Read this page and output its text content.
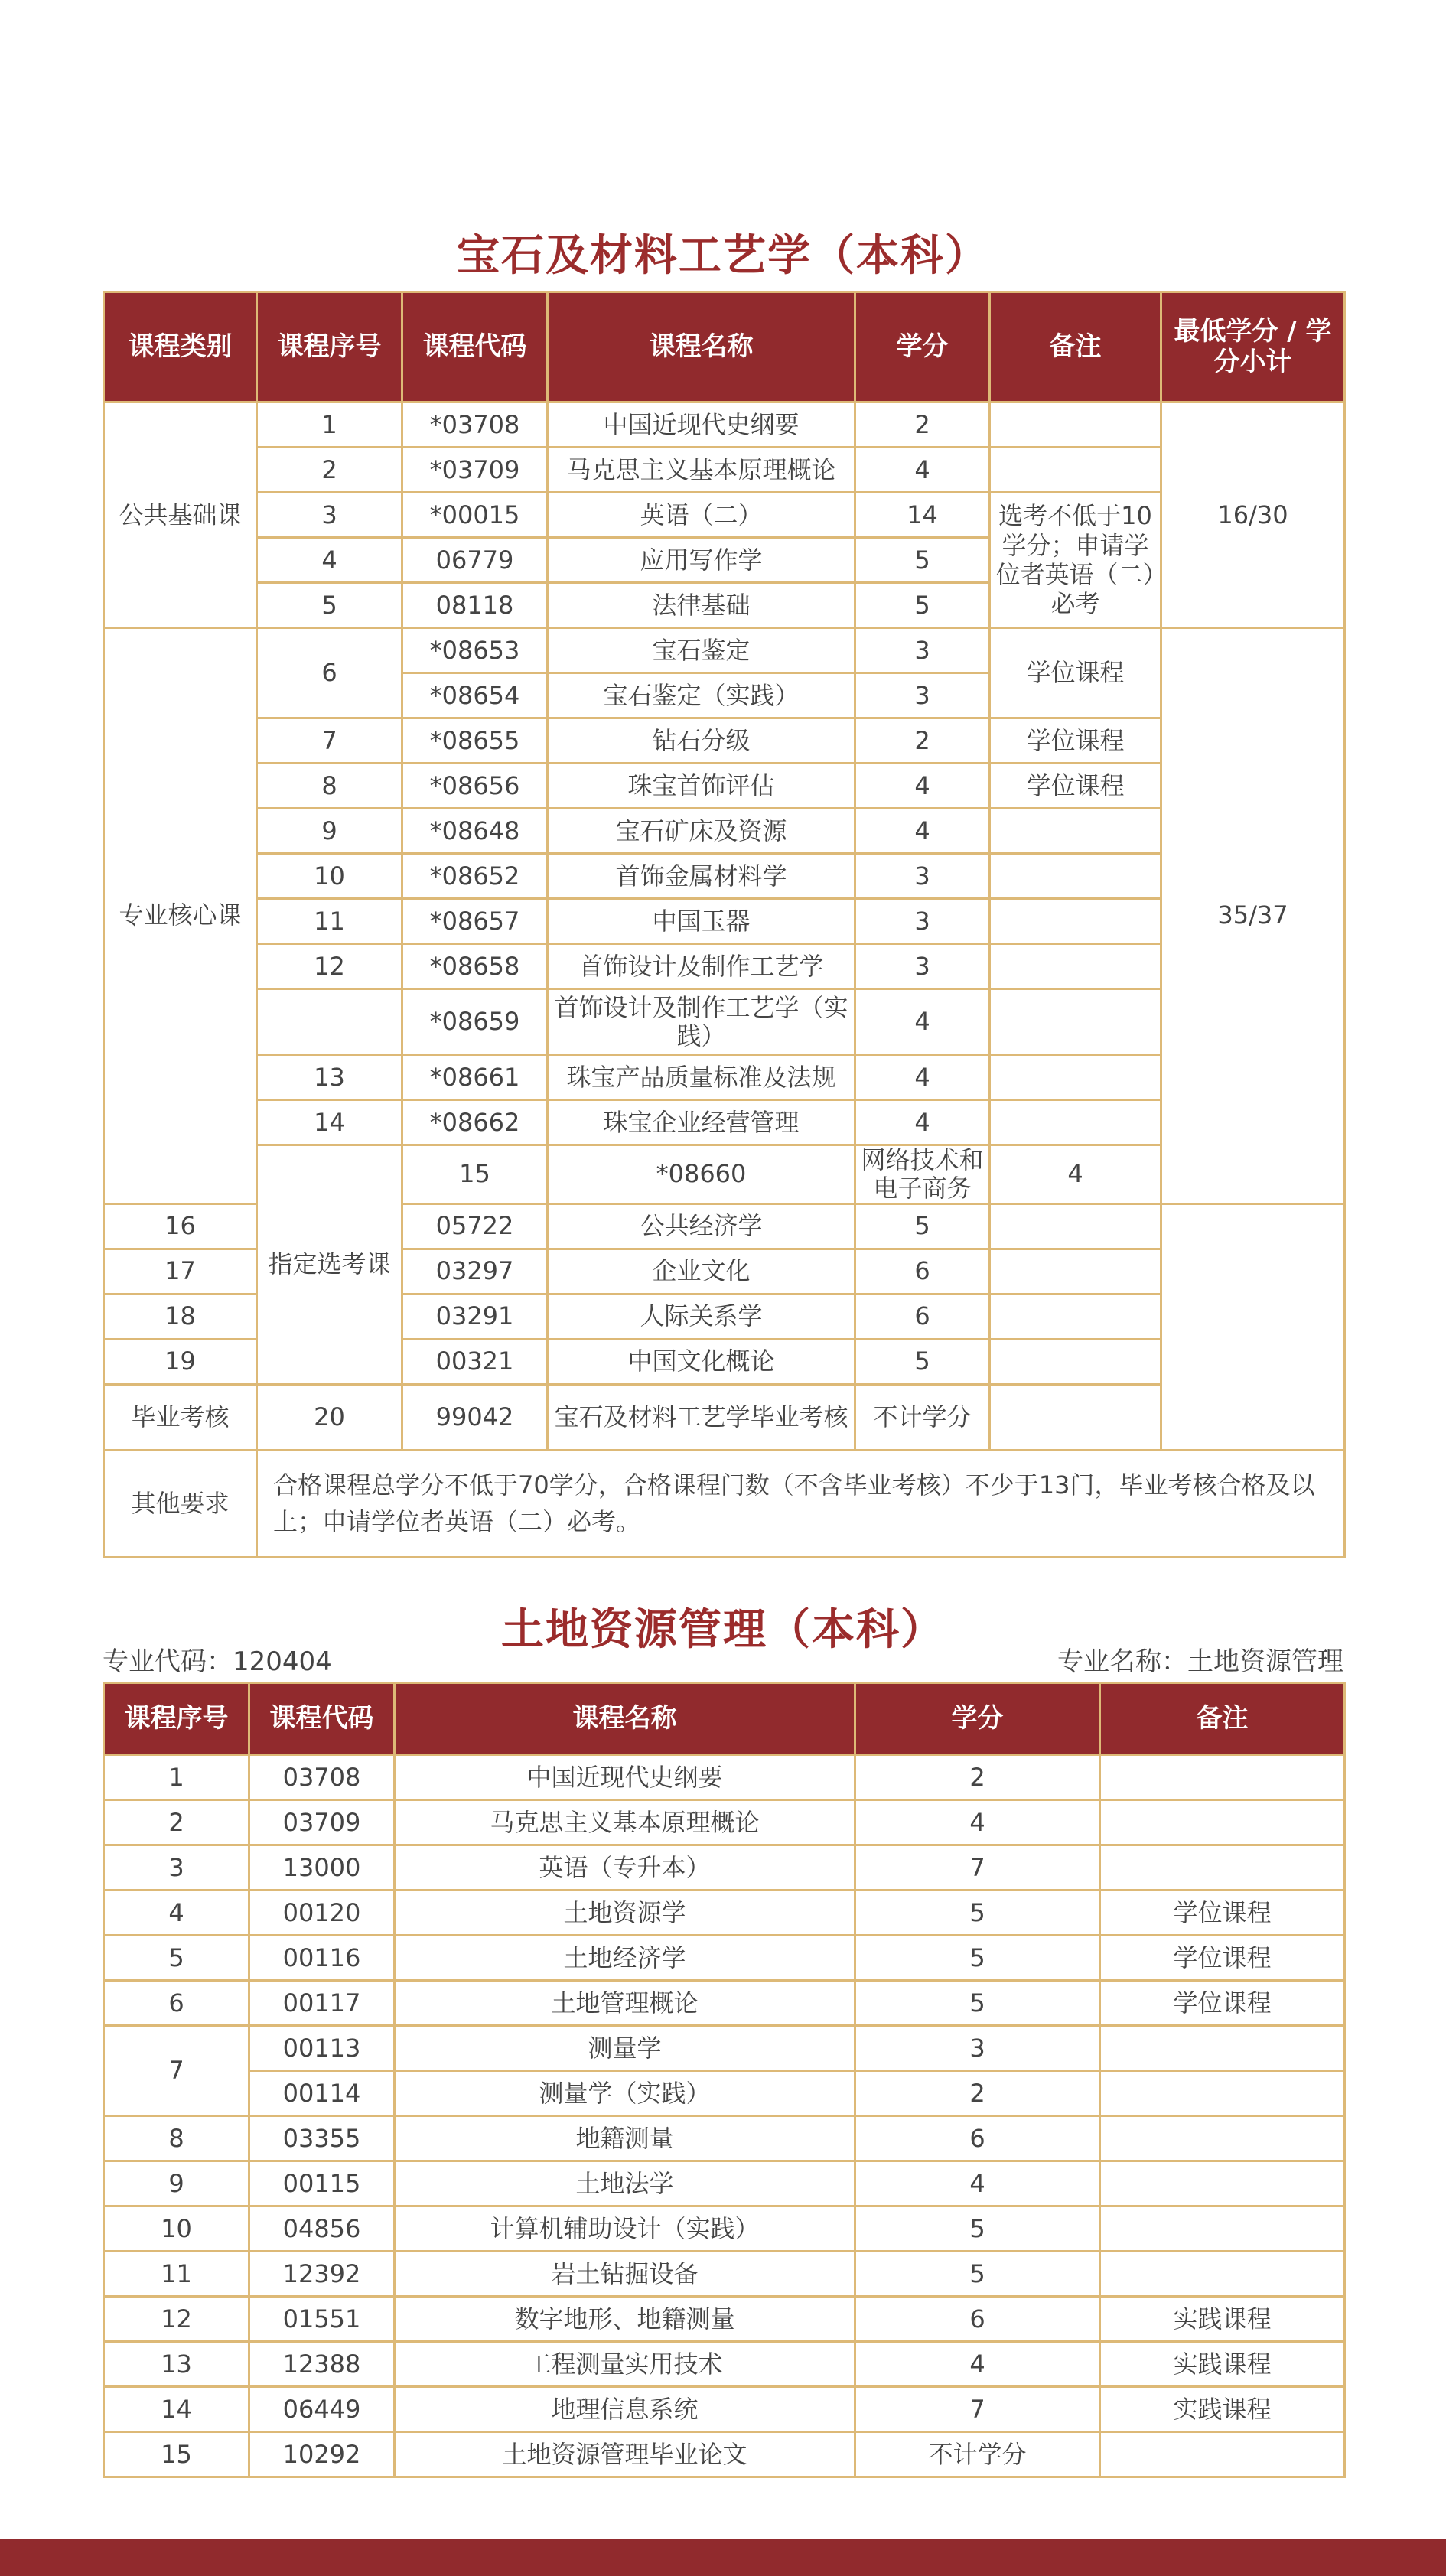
宝石及材料工艺学（本科）
课程类别	课程序号	课程代码	课程名称	学分	备注	最低学分 / 学分小计	
公共基础课	1	*03708	中国近现代史纲要	2		16/30	
	2	*03709	马克思主义基本原理概论	4			
	3	*00015	英语（二）	14	选考不低于10学分；申请学位者英语（二）必考		
	4	06779	应用写作学	5			
	5	08118	法律基础	5			
专业核心课	6	*08653	宝石鉴定	3	学位课程	35/37	
		*08654	宝石鉴定（实践）	3			
	7	*08655	钻石分级	2	学位课程		
	8	*08656	珠宝首饰评估	4	学位课程		
	9	*08648	宝石矿床及资源	4			
	10	*08652	首饰金属材料学	3			
	11	*08657	中国玉器	3			
	12	*08658	首饰设计及制作工艺学	3			
		*08659	首饰设计及制作工艺学（实践）	4			
	13	*08661	珠宝产品质量标准及法规	4			
	14	*08662	珠宝企业经营管理	4			
	指定选考课	15	*08660	网络技术和电子商务	4		
16		05722	公共经济学	5			
17		03297	企业文化	6			
18		03291	人际关系学	6			
19		00321	中国文化概论	5			
毕业考核	20	99042	宝石及材料工艺学毕业考核	不计学分			
其他要求	合格课程总学分不低于70学分，合格课程门数（不含毕业考核）不少于13门，毕业考核合格及以上；申请学位者英语（二）必考。						
土地资源管理（本科）
专业代码：120404	专业名称：土地资源管理
课程序号	课程代码	课程名称	学分	备注
1	03708	中国近现代史纲要	2	
2	03709	马克思主义基本原理概论	4	
3	13000	英语（专升本）	7	
4	00120	土地资源学	5	学位课程
5	00116	土地经济学	5	学位课程
6	00117	土地管理概论	5	学位课程
7	00113	测量学	3	
	00114	测量学（实践）	2	
8	03355	地籍测量	6	
9	00115	土地法学	4	
10	04856	计算机辅助设计（实践）	5	
11	12392	岩土钻掘设备	5	
12	01551	数字地形、地籍测量	6	实践课程
13	12388	工程测量实用技术	4	实践课程
14	06449	地理信息系统	7	实践课程
15	10292	土地资源管理毕业论文	不计学分	
